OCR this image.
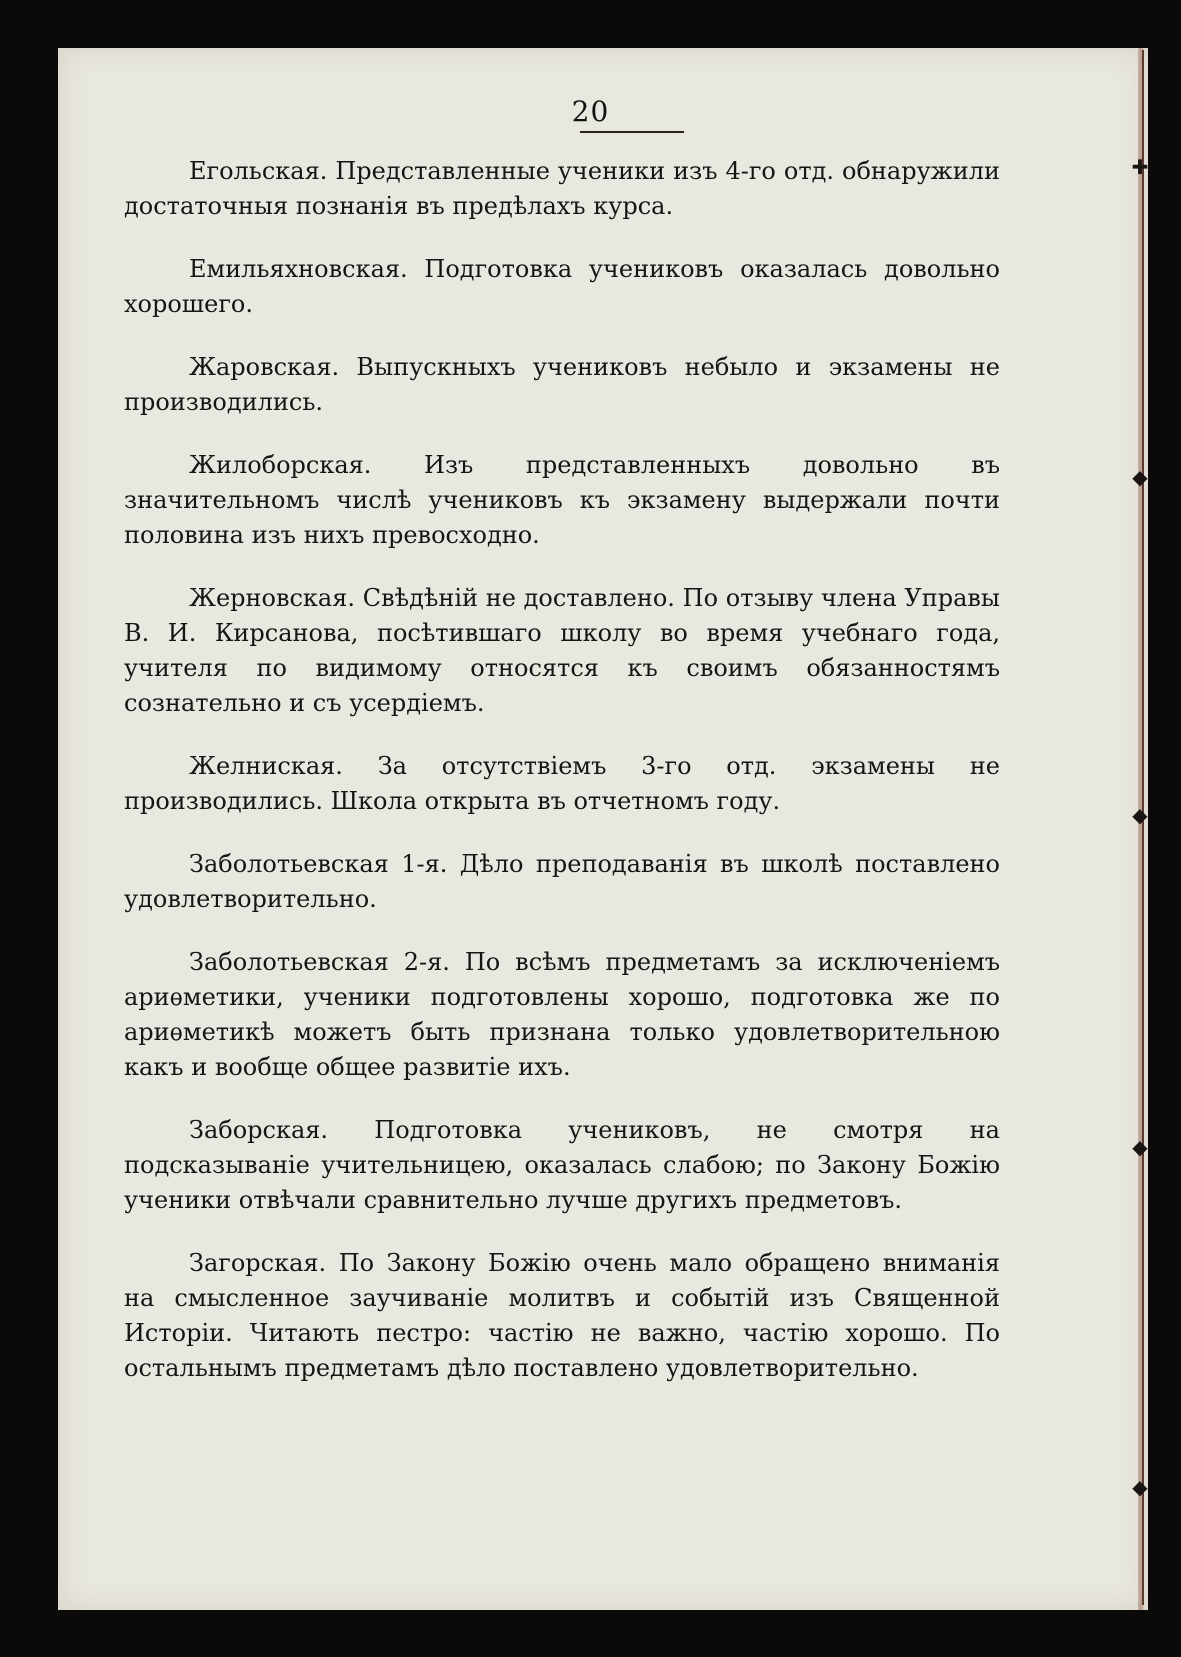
✚
◆
◆
◆
◆
20

Егольская. Представленные ученики изъ 4-го отд. обнаружили достаточныя познанія въ предѣлахъ курса.

Емильяхновская. Подготовка учениковъ оказалась довольно хорошего.

Жаровская. Выпускныхъ учениковъ небыло и экзамены не производились.

Жилоборская. Изъ представленныхъ довольно въ значительномъ числѣ учениковъ къ экзамену выдержали почти половина изъ нихъ превосходно.

Жерновская. Свѣдѣній не доставлено. По отзыву члена Управы В. И. Кирсанова, посѣтившаго школу во время учебнаго года, учителя по видимому относятся къ своимъ обязанностямъ сознательно и съ усердіемъ.

Желниская. За отсутствіемъ 3-го отд. экзамены не производились. Школа открыта въ отчетномъ году.

Заболотьевская 1-я. Дѣло преподаванія въ школѣ поставлено удовлетворительно.

Заболотьевская 2-я. По всѣмъ предметамъ за исключеніемъ ариѳметики, ученики подготовлены хорошо, подготовка же по ариѳметикѣ можетъ быть признана только удовлетворительною какъ и вообще общее развитіе ихъ.

Заборская. Подготовка учениковъ, не смотря на подсказываніе учительницею, оказалась слабою; по Закону Божію ученики отвѣчали сравнительно лучше другихъ предметовъ.

Загорская. По Закону Божію очень мало обращено вниманія на смысленное заучиваніе молитвъ и событій изъ Священной Исторіи. Читають пестро: частію не важно, частію хорошо. По остальнымъ предметамъ дѣло поставлено удовлетворительно.
